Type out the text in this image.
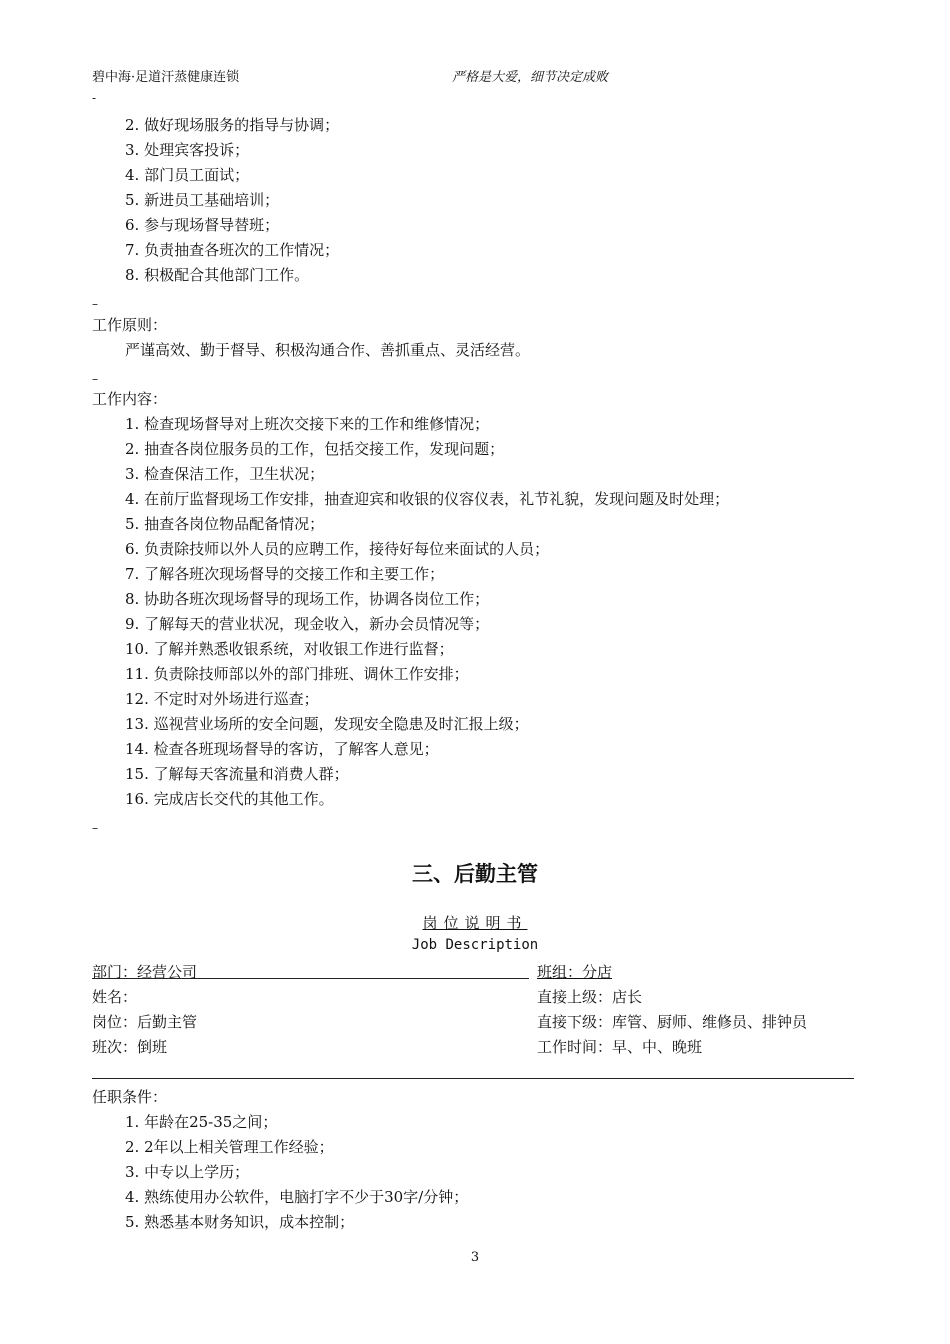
碧中海·足道汗蒸健康连锁	严格是大爱，细节决定成败
-
2. 做好现场服务的指导与协调；
3. 处理宾客投诉；
4. 部门员工面试；
5. 新进员工基础培训；
6. 参与现场督导替班；
7. 负责抽查各班次的工作情况；
8. 积极配合其他部门工作。
–
工作原则：
严谨高效、勤于督导、积极沟通合作、善抓重点、灵活经营。
–
工作内容：
1. 检查现场督导对上班次交接下来的工作和维修情况；
2. 抽查各岗位服务员的工作，包括交接工作，发现问题；
3. 检查保洁工作，卫生状况；
4. 在前厅监督现场工作安排，抽查迎宾和收银的仪容仪表，礼节礼貌，发现问题及时处理；
5. 抽查各岗位物品配备情况；
6. 负责除技师以外人员的应聘工作，接待好每位来面试的人员；
7. 了解各班次现场督导的交接工作和主要工作；
8. 协助各班次现场督导的现场工作，协调各岗位工作；
9. 了解每天的营业状况，现金收入，新办会员情况等；
10. 了解并熟悉收银系统，对收银工作进行监督；
11. 负责除技师部以外的部门排班、调休工作安排；
12. 不定时对外场进行巡查；
13. 巡视营业场所的安全问题，发现安全隐患及时汇报上级；
14. 检查各班现场督导的客访，了解客人意见；
15. 了解每天客流量和消费人群；
16. 完成店长交代的其他工作。
–
三、后勤主管
岗位说明书
Job Description
部门：经营公司	班组：分店
姓名：	直接上级：店长
岗位：后勤主管	直接下级：库管、厨师、维修员、排钟员
班次：倒班	工作时间：早、中、晚班
任职条件：
1. 年龄在25-35之间；
2. 2年以上相关管理工作经验；
3. 中专以上学历；
4. 熟练使用办公软件，电脑打字不少于30字/分钟；
5. 熟悉基本财务知识，成本控制；
3
